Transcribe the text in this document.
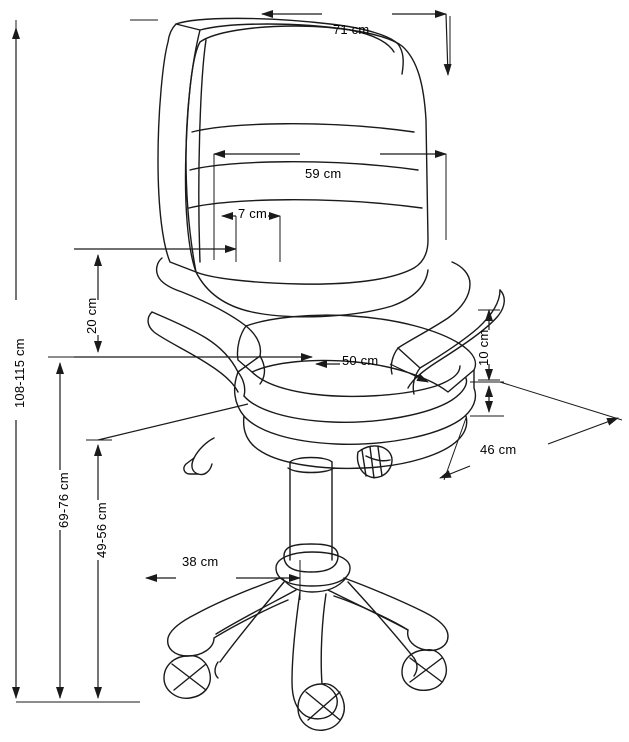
71 cm
59 cm
7 cm
50 cm
38 cm
46 cm
20 cm
10 cm
108-115 cm
69-76 cm
49-56 cm
